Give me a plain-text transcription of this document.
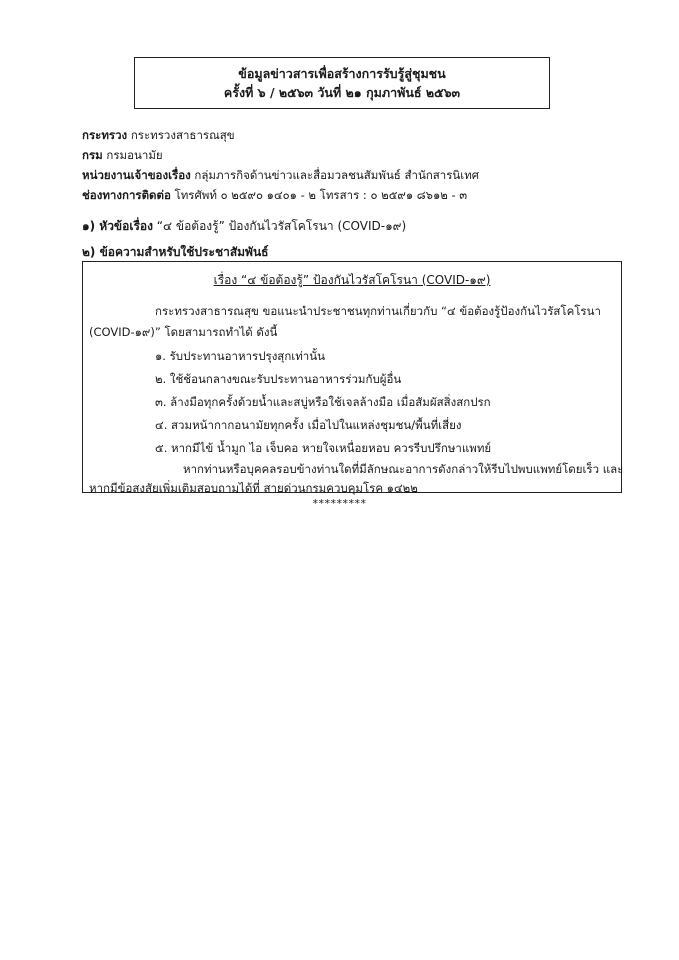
ข้อมูลข่าวสารเพื่อสร้างการรับรู้สู่ชุมชน
ครั้งที่ ๖ / ๒๕๖๓ วันที่ ๒๑ กุมภาพันธ์ ๒๕๖๓
กระทรวง กระทรวงสาธารณสุข
กรม กรมอนามัย
หน่วยงานเจ้าของเรื่อง กลุ่มภารกิจด้านข่าวและสื่อมวลชนสัมพันธ์ สำนักสารนิเทศ
ช่องทางการติดต่อ โทรศัพท์ ๐ ๒๕๙๐ ๑๔๐๑ - ๒ โทรสาร : ๐ ๒๕๙๑ ๘๖๑๒ - ๓
๑) หัวข้อเรื่อง “๔ ข้อต้องรู้” ป้องกันไวรัสโคโรนา (COVID-๑๙)
๒) ข้อความสำหรับใช้ประชาสัมพันธ์
เรื่อง “๔ ข้อต้องรู้” ป้องกันไวรัสโคโรนา (COVID-๑๙)
กระทรวงสาธารณสุข ขอแนะนำประชาชนทุกท่านเกี่ยวกับ “๔ ข้อต้องรู้ป้องกันไวรัสโคโรนา
(COVID-๑๙)” โดยสามารถทำได้ ดังนี้
๑. รับประทานอาหารปรุงสุกเท่านั้น
๒. ใช้ช้อนกลางขณะรับประทานอาหารร่วมกับผู้อื่น
๓. ล้างมือทุกครั้งด้วยน้ำและสบู่หรือใช้เจลล้างมือ เมื่อสัมผัสสิ่งสกปรก
๔. สวมหน้ากากอนามัยทุกครั้ง เมื่อไปในแหล่งชุมชน/พื้นที่เสี่ยง
๕. หากมีไข้ น้ำมูก ไอ เจ็บคอ หายใจเหนื่อยหอบ ควรรีบปรึกษาแพทย์
หากท่านหรือบุคคลรอบข้างท่านใดที่มีลักษณะอาการดังกล่าวให้รีบไปพบแพทย์โดยเร็ว และ
หากมีข้อสงสัยเพิ่มเติมสอบถามได้ที่ สายด่วนกรมควบคุมโรค ๑๔๒๒
*********
